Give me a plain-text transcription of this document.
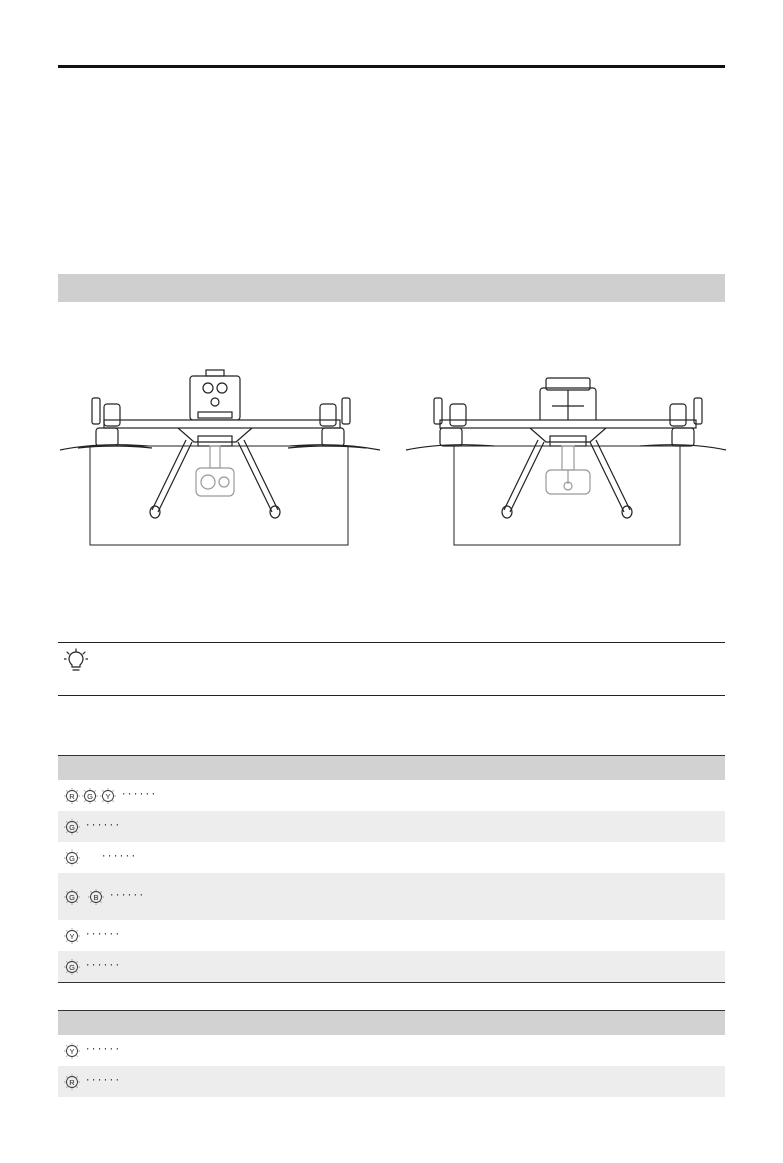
R G Y ······
G ······
G	······
G B ······
Y ······
G ······
Y ······
R ······
